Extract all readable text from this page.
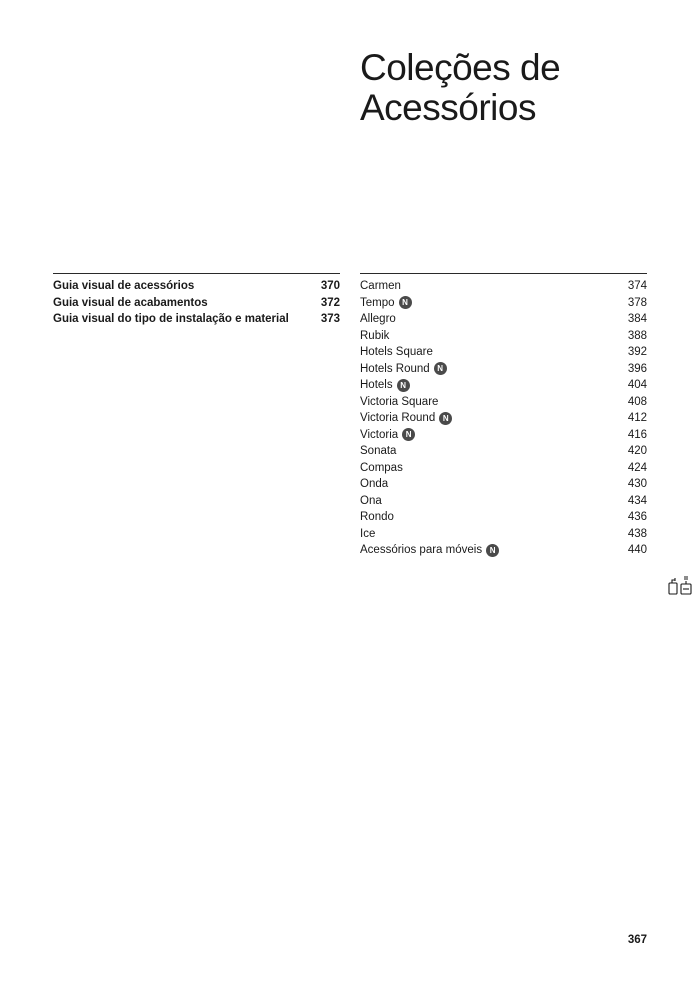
Coleções de
Acessórios
Guia visual de acessórios	370
Guia visual de acabamentos	372
Guia visual do tipo de instalação e material	373
Carmen	374
Tempo N	378
Allegro	384
Rubik	388
Hotels Square	392
Hotels Round N	396
Hotels N	404
Victoria Square	408
Victoria Round N	412
Victoria N	416
Sonata	420
Compas	424
Onda	430
Ona	434
Rondo	436
Ice	438
Acessórios para móveis N	440
367
